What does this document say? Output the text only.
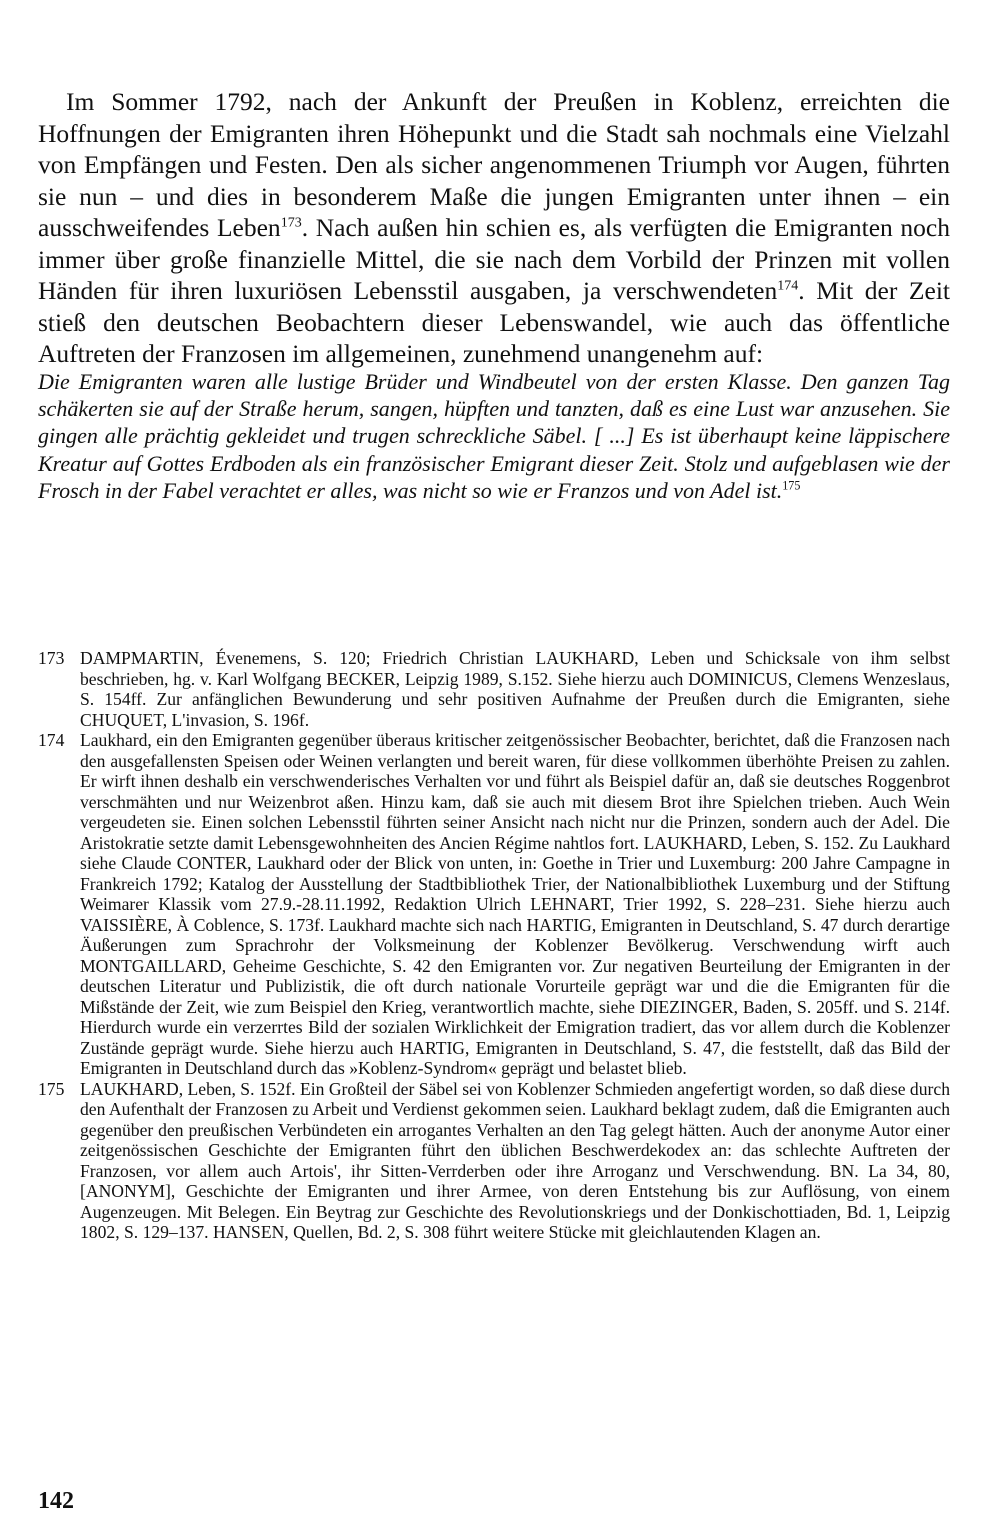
Im Sommer 1792, nach der Ankunft der Preußen in Koblenz, erreichten die Hoffnungen der Emigranten ihren Höhepunkt und die Stadt sah nochmals eine Vielzahl von Empfängen und Festen. Den als sicher angenommenen Triumph vor Augen, führten sie nun – und dies in besonderem Maße die jungen Emigranten unter ihnen – ein ausschweifendes Leben$^{173}$. Nach außen hin schien es, als verfügten die Emigranten noch immer über große finanzielle Mittel, die sie nach dem Vorbild der Prinzen mit vollen Händen für ihren luxuriösen Lebensstil ausgaben, ja verschwendeten$^{174}$. Mit der Zeit stieß den deutschen Beobachtern dieser Lebenswandel, wie auch das öffentliche Auftreten der Franzosen im allgemeinen, zunehmend unangenehm auf:

Die Emigranten waren alle lustige Brüder und Windbeutel von der ersten Klasse. Den ganzen Tag schäkerten sie auf der Straße herum, sangen, hüpften und tanzten, daß es eine Lust war anzusehen. Sie gingen alle prächtig gekleidet und trugen schreckliche Säbel. [ ...] Es ist überhaupt keine läppischere Kreatur auf Gottes Erdboden als ein französischer Emigrant dieser Zeit. Stolz und aufgeblasen wie der Frosch in der Fabel verachtet er alles, was nicht so wie er Franzos und von Adel ist.$^{175}$

173 DAMPMARTIN, Évenemens, S. 120; Friedrich Christian LAUKHARD, Leben und Schicksale von ihm selbst beschrieben, hg. v. Karl Wolfgang BECKER, Leipzig 1989, S.152. Siehe hierzu auch DOMINICUS, Clemens Wenzeslaus, S. 154ff. Zur anfänglichen Bewunderung und sehr positiven Aufnahme der Preußen durch die Emigranten, siehe CHUQUET, L'invasion, S. 196f.
174 Laukhard, ein den Emigranten gegenüber überaus kritischer zeitgenössischer Beobachter, berichtet, daß die Franzosen nach den ausgefallensten Speisen oder Weinen verlangten und bereit waren, für diese vollkommen überhöhte Preisen zu zahlen. Er wirft ihnen deshalb ein verschwenderisches Verhalten vor und führt als Beispiel dafür an, daß sie deutsches Roggenbrot verschmähten und nur Weizenbrot aßen. Hinzu kam, daß sie auch mit diesem Brot ihre Spielchen trieben. Auch Wein vergeudeten sie. Einen solchen Lebensstil führten seiner Ansicht nach nicht nur die Prinzen, sondern auch der Adel. Die Aristokratie setzte damit Lebensgewohnheiten des Ancien Régime nahtlos fort. LAUKHARD, Leben, S. 152. Zu Laukhard siehe Claude CONTER, Laukhard oder der Blick von unten, in: Goethe in Trier und Luxemburg: 200 Jahre Campagne in Frankreich 1792; Katalog der Ausstellung der Stadtbibliothek Trier, der Nationalbibliothek Luxemburg und der Stiftung Weimarer Klassik vom 27.9.-28.11.1992, Redaktion Ulrich LEHNART, Trier 1992, S. 228–231. Siehe hierzu auch VAISSIÈRE, À Coblence, S. 173f. Laukhard machte sich nach HARTIG, Emigranten in Deutschland, S. 47 durch derartige Äußerungen zum Sprachrohr der Volksmeinung der Koblenzer Bevölkerug. Verschwendung wirft auch MONTGAILLARD, Geheime Geschichte, S. 42 den Emigranten vor. Zur negativen Beurteilung der Emigranten in der deutschen Literatur und Publizistik, die oft durch nationale Vorurteile geprägt war und die die Emigranten für die Mißstände der Zeit, wie zum Beispiel den Krieg, verantwortlich machte, siehe DIEZINGER, Baden, S. 205ff. und S. 214f. Hierdurch wurde ein verzerrtes Bild der sozialen Wirklichkeit der Emigration tradiert, das vor allem durch die Koblenzer Zustände geprägt wurde. Siehe hierzu auch HARTIG, Emigranten in Deutschland, S. 47, die feststellt, daß das Bild der Emigranten in Deutschland durch das »Koblenz-Syndrom« geprägt und belastet blieb.
175 LAUKHARD, Leben, S. 152f. Ein Großteil der Säbel sei von Koblenzer Schmieden angefertigt worden, so daß diese durch den Aufenthalt der Franzosen zu Arbeit und Verdienst gekommen seien. Laukhard beklagt zudem, daß die Emigranten auch gegenüber den preußischen Verbündeten ein arrogantes Verhalten an den Tag gelegt hätten. Auch der anonyme Autor einer zeitgenössischen Geschichte der Emigranten führt den üblichen Beschwerdekodex an: das schlechte Auftreten der Franzosen, vor allem auch Artois', ihr Sitten-Verrderben oder ihre Arroganz und Verschwendung. BN. La 34, 80, [ANONYM], Geschichte der Emigranten und ihrer Armee, von deren Entstehung bis zur Auflösung, von einem Augenzeugen. Mit Belegen. Ein Beytrag zur Geschichte des Revolutionskriegs und der Donkischottiaden, Bd. 1, Leipzig 1802, S. 129–137. HANSEN, Quellen, Bd. 2, S. 308 führt weitere Stücke mit gleichlautenden Klagen an.
142
